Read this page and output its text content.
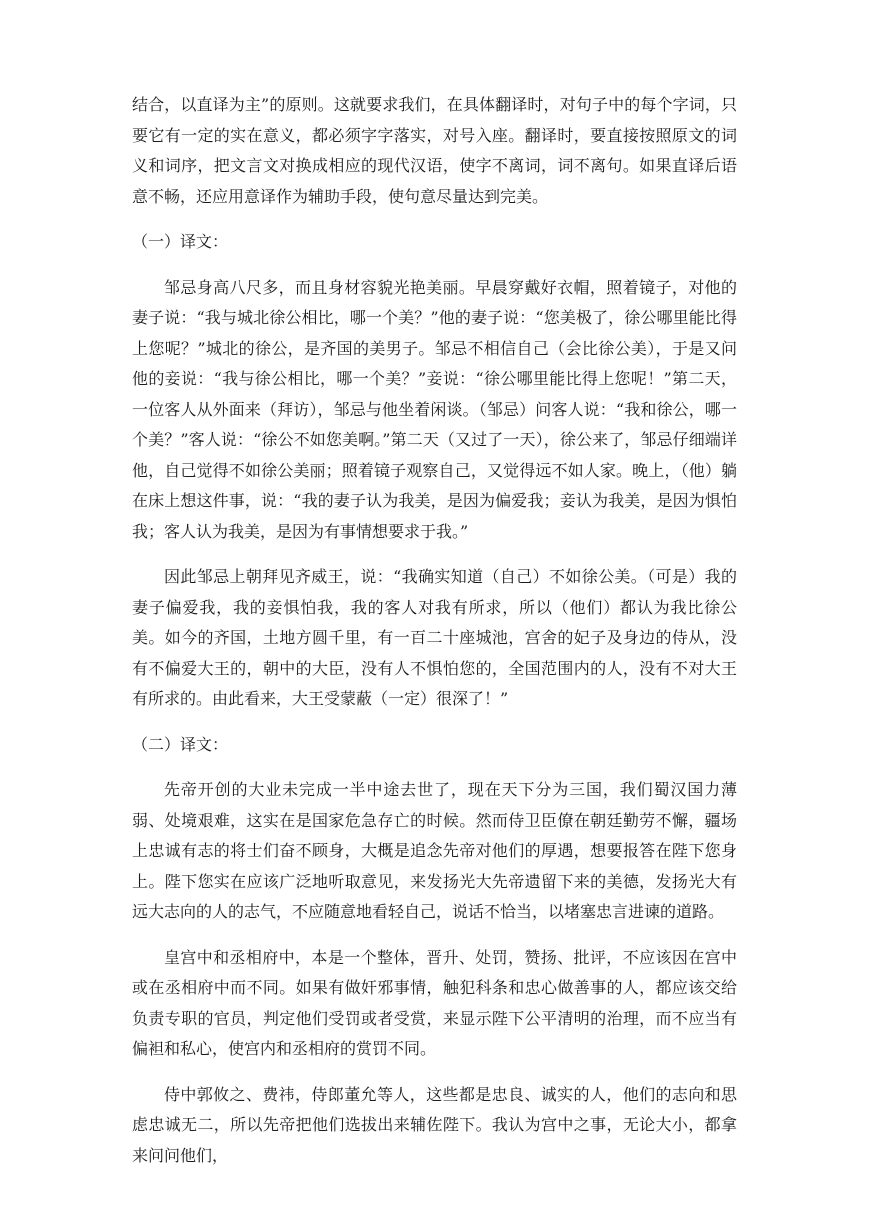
结合，以直译为主”的原则。这就要求我们，在具体翻译时，对句子中的每个字词，只要它有一定的实在意义，都必须字字落实，对号入座。翻译时，要直接按照原文的词义和词序，把文言文对换成相应的现代汉语，使字不离词，词不离句。如果直译后语意不畅，还应用意译作为辅助手段，使句意尽量达到完美。

（一）译文：

邹忌身高八尺多，而且身材容貌光艳美丽。早晨穿戴好衣帽，照着镜子，对他的妻子说：“我与城北徐公相比，哪一个美？”他的妻子说：“您美极了，徐公哪里能比得上您呢？”城北的徐公，是齐国的美男子。邹忌不相信自己（会比徐公美），于是又问他的妾说：“我与徐公相比，哪一个美？”妾说：“徐公哪里能比得上您呢！”第二天，一位客人从外面来（拜访），邹忌与他坐着闲谈。（邹忌）问客人说：“我和徐公，哪一个美？”客人说：“徐公不如您美啊。”第二天（又过了一天），徐公来了，邹忌仔细端详他，自己觉得不如徐公美丽；照着镜子观察自己，又觉得远不如人家。晚上，（他）躺在床上想这件事，说：“我的妻子认为我美，是因为偏爱我；妾认为我美，是因为惧怕我；客人认为我美，是因为有事情想要求于我。”

因此邹忌上朝拜见齐威王，说：“我确实知道（自己）不如徐公美。（可是）我的妻子偏爱我，我的妾惧怕我，我的客人对我有所求，所以（他们）都认为我比徐公美。如今的齐国，土地方圆千里，有一百二十座城池，宫舍的妃子及身边的侍从，没有不偏爱大王的，朝中的大臣，没有人不惧怕您的，全国范围内的人，没有不对大王有所求的。由此看来，大王受蒙蔽（一定）很深了！”

（二）译文：

先帝开创的大业未完成一半中途去世了，现在天下分为三国，我们蜀汉国力薄弱、处境艰难，这实在是国家危急存亡的时候。然而侍卫臣僚在朝廷勤劳不懈，疆场上忠诚有志的将士们奋不顾身，大概是追念先帝对他们的厚遇，想要报答在陛下您身上。陛下您实在应该广泛地听取意见，来发扬光大先帝遗留下来的美德，发扬光大有远大志向的人的志气，不应随意地看轻自己，说话不恰当，以堵塞忠言进谏的道路。

皇宫中和丞相府中，本是一个整体，晋升、处罚，赞扬、批评，不应该因在宫中或在丞相府中而不同。如果有做奸邪事情，触犯科条和忠心做善事的人，都应该交给负责专职的官员，判定他们受罚或者受赏，来显示陛下公平清明的治理，而不应当有偏袒和私心，使宫内和丞相府的赏罚不同。

侍中郭攸之、费祎，侍郎董允等人，这些都是忠良、诚实的人，他们的志向和思虑忠诚无二，所以先帝把他们选拔出来辅佐陛下。我认为宫中之事，无论大小，都拿来问问他们，
